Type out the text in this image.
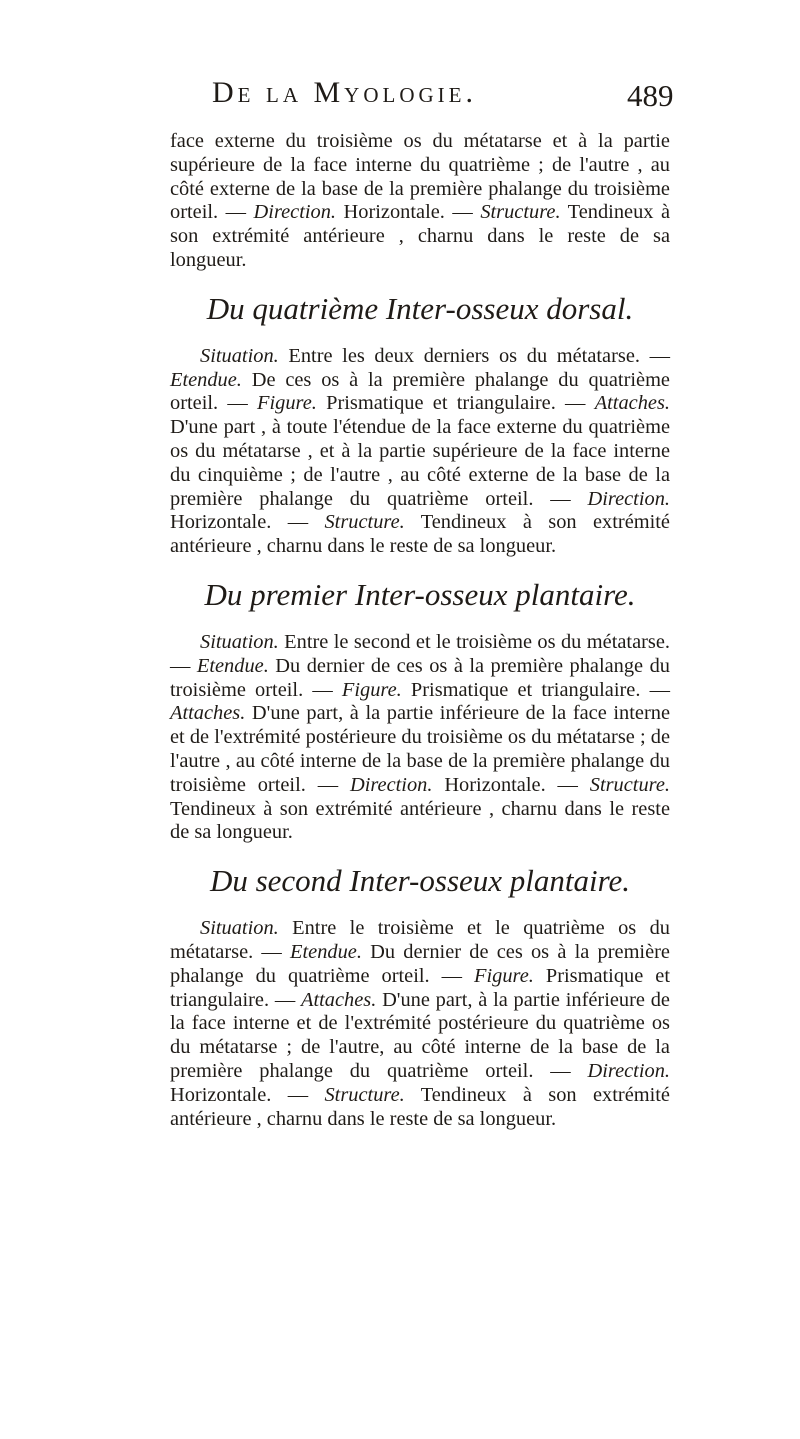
De la Myologie.	489

face externe du troisième os du métatarse et à la partie supérieure de la face interne du quatrième ; de l'autre , au côté externe de la base de la première phalange du troisième orteil. — Direction. Horizontale. — Structure. Tendineux à son extrémité antérieure , charnu dans le reste de sa longueur.

Du quatrième Inter-osseux dorsal.

Situation. Entre les deux derniers os du métatarse. — Etendue. De ces os à la première phalange du quatrième orteil. — Figure. Prismatique et triangulaire. — Attaches. D'une part , à toute l'étendue de la face externe du quatrième os du métatarse , et à la partie supérieure de la face interne du cinquième ; de l'autre , au côté externe de la base de la première phalange du quatrième orteil. — Direction. Horizontale. — Structure. Tendineux à son extrémité antérieure , charnu dans le reste de sa longueur.

Du premier Inter-osseux plantaire.

Situation. Entre le second et le troisième os du métatarse. — Etendue. Du dernier de ces os à la première phalange du troisième orteil. — Figure. Prismatique et triangulaire. — Attaches. D'une part, à la partie inférieure de la face interne et de l'extrémité postérieure du troisième os du métatarse ; de l'autre , au côté interne de la base de la première phalange du troisième orteil. — Direction. Horizontale. — Structure. Tendineux à son extrémité antérieure , charnu dans le reste de sa longueur.

Du second Inter-osseux plantaire.

Situation. Entre le troisième et le quatrième os du métatarse. — Etendue. Du dernier de ces os à la première phalange du quatrième orteil. — Figure. Prismatique et triangulaire. — Attaches. D'une part, à la partie inférieure de la face interne et de l'extrémité postérieure du quatrième os du métatarse ; de l'autre, au côté interne de la base de la première phalange du quatrième orteil. — Direction. Horizontale. — Structure. Tendineux à son extrémité antérieure , charnu dans le reste de sa longueur.
